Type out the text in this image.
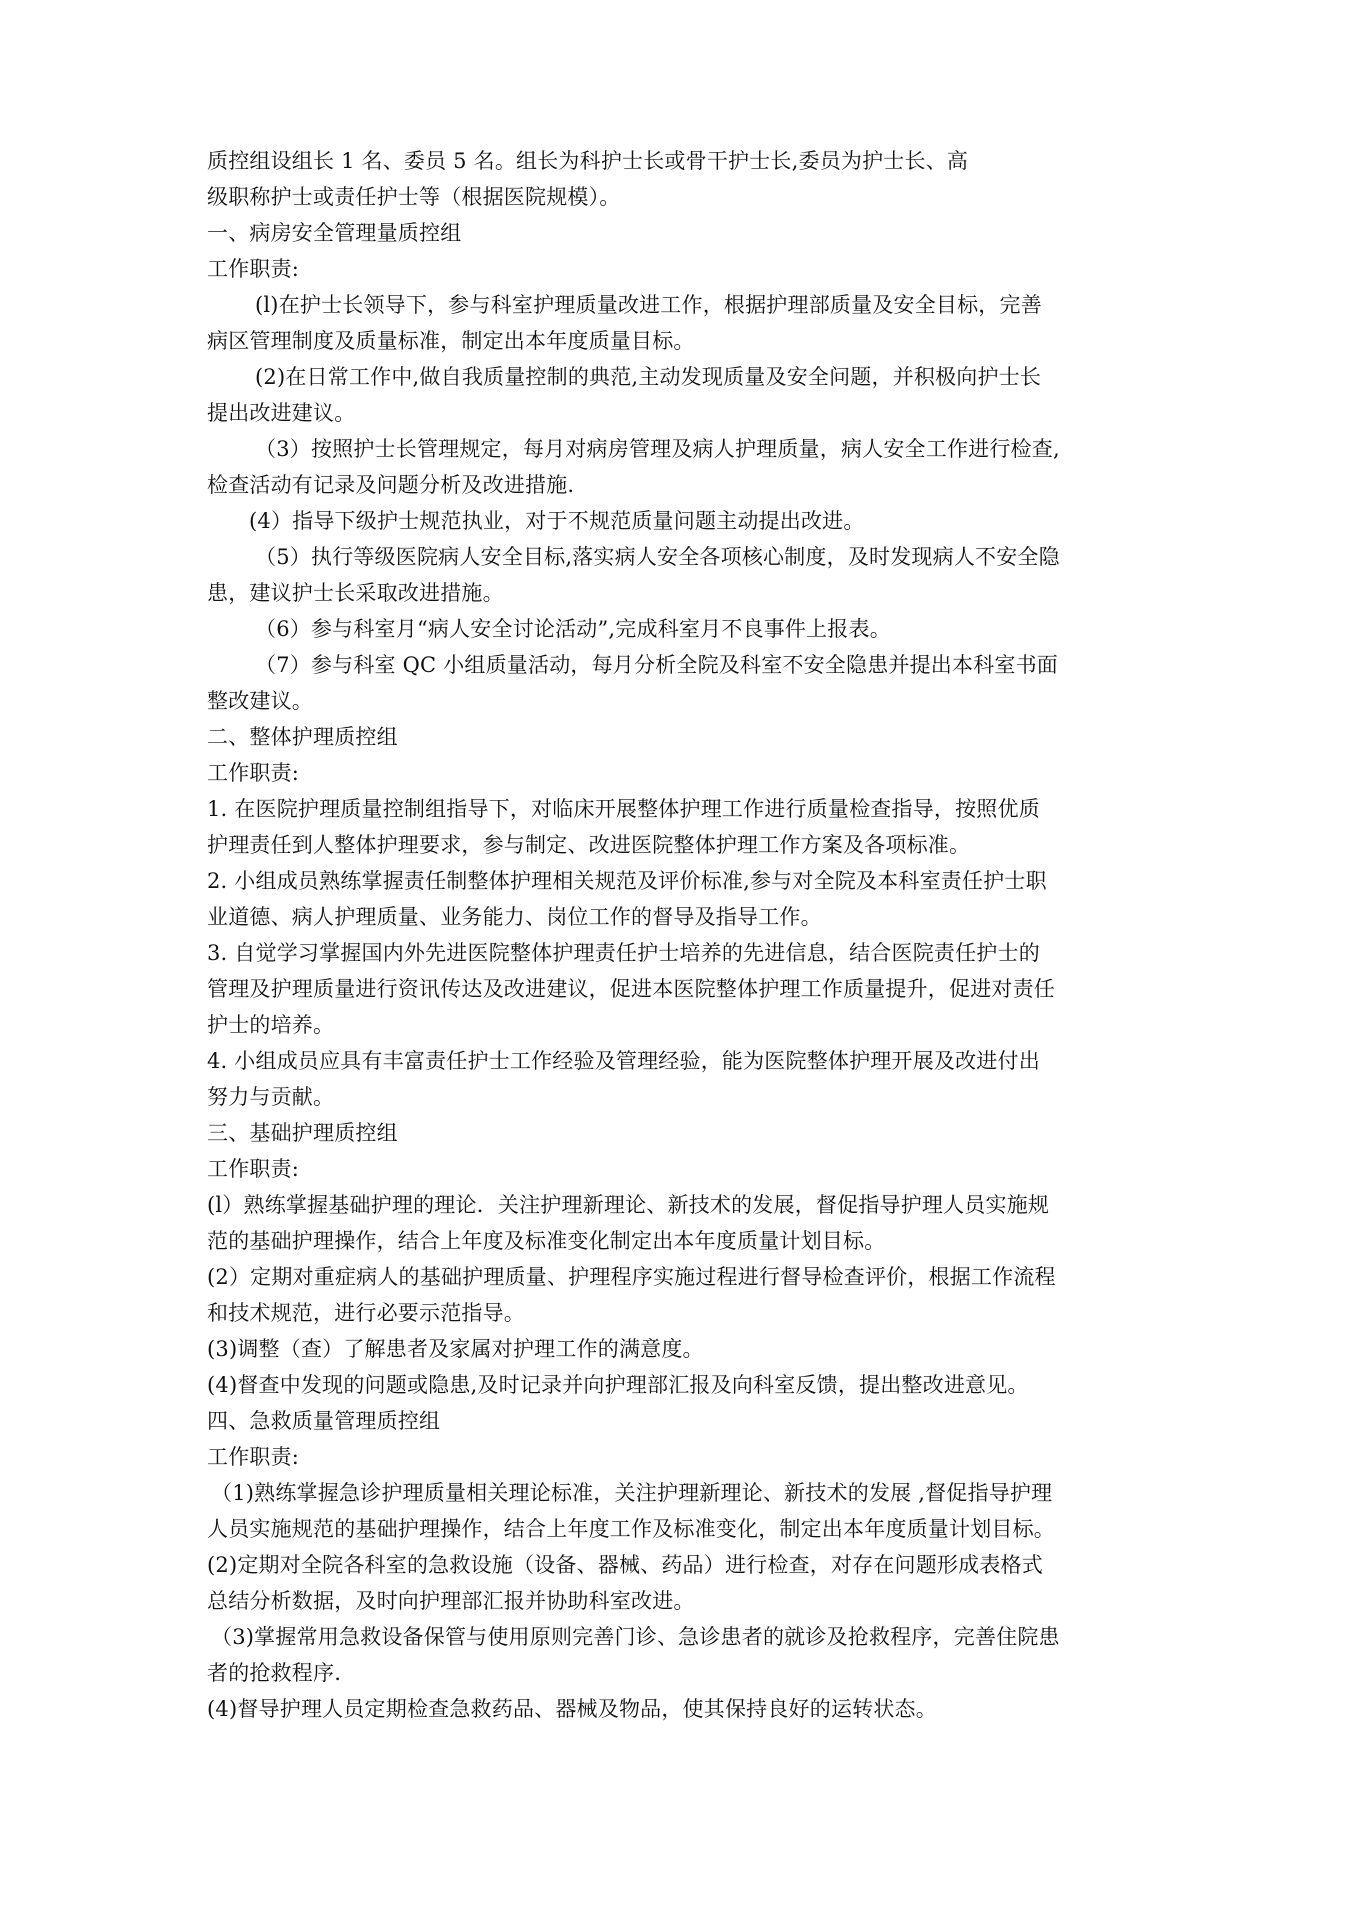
质控组设组长 1 名、委员 5 名。组长为科护士长或骨干护士长,委员为护士长、高
级职称护士或责任护士等（根据医院规模）。
一、病房安全管理量质控组
工作职责:
(l)在护士长领导下，参与科室护理质量改进工作，根据护理部质量及安全目标，完善
病区管理制度及质量标准，制定出本年度质量目标。
(2)在日常工作中,做自我质量控制的典范,主动发现质量及安全问题，并积极向护士长
提出改进建议。
（3）按照护士长管理规定，每月对病房管理及病人护理质量，病人安全工作进行检查,
检查活动有记录及问题分析及改进措施.
(4）指导下级护士规范执业，对于不规范质量问题主动提出改进。
（5）执行等级医院病人安全目标,落实病人安全各项核心制度，及时发现病人不安全隐
患，建议护士长采取改进措施。
（6）参与科室月“病人安全讨论活动”,完成科室月不良事件上报表。
（7）参与科室 QC 小组质量活动，每月分析全院及科室不安全隐患并提出本科室书面
整改建议。
二、整体护理质控组
工作职责:
1. 在医院护理质量控制组指导下，对临床开展整体护理工作进行质量检查指导，按照优质
护理责任到人整体护理要求，参与制定、改进医院整体护理工作方案及各项标准。
2. 小组成员熟练掌握责任制整体护理相关规范及评价标准,参与对全院及本科室责任护士职
业道德、病人护理质量、业务能力、岗位工作的督导及指导工作。
3. 自觉学习掌握国内外先进医院整体护理责任护士培养的先进信息，结合医院责任护士的
管理及护理质量进行资讯传达及改进建议，促进本医院整体护理工作质量提升，促进对责任
护士的培养。
4. 小组成员应具有丰富责任护士工作经验及管理经验，能为医院整体护理开展及改进付出
努力与贡献。
三、基础护理质控组
工作职责:
(l）熟练掌握基础护理的理论．关注护理新理论、新技术的发展，督促指导护理人员实施规
范的基础护理操作，结合上年度及标准变化制定出本年度质量计划目标。
(2）定期对重症病人的基础护理质量、护理程序实施过程进行督导检查评价，根据工作流程
和技术规范，进行必要示范指导。
(3)调整（查）了解患者及家属对护理工作的满意度。
(4)督查中发现的问题或隐患,及时记录并向护理部汇报及向科室反馈，提出整改进意见。
四、急救质量管理质控组
工作职责:
（1)熟练掌握急诊护理质量相关理论标准，关注护理新理论、新技术的发展 ,督促指导护理
人员实施规范的基础护理操作，结合上年度工作及标准变化，制定出本年度质量计划目标。
(2)定期对全院各科室的急救设施（设备、器械、药品）进行检查，对存在问题形成表格式
总结分析数据，及时向护理部汇报并协助科室改进。
（3)掌握常用急救设备保管与使用原则完善门诊、急诊患者的就诊及抢救程序，完善住院患
者的抢救程序.
(4)督导护理人员定期检查急救药品、器械及物品，使其保持良好的运转状态。
